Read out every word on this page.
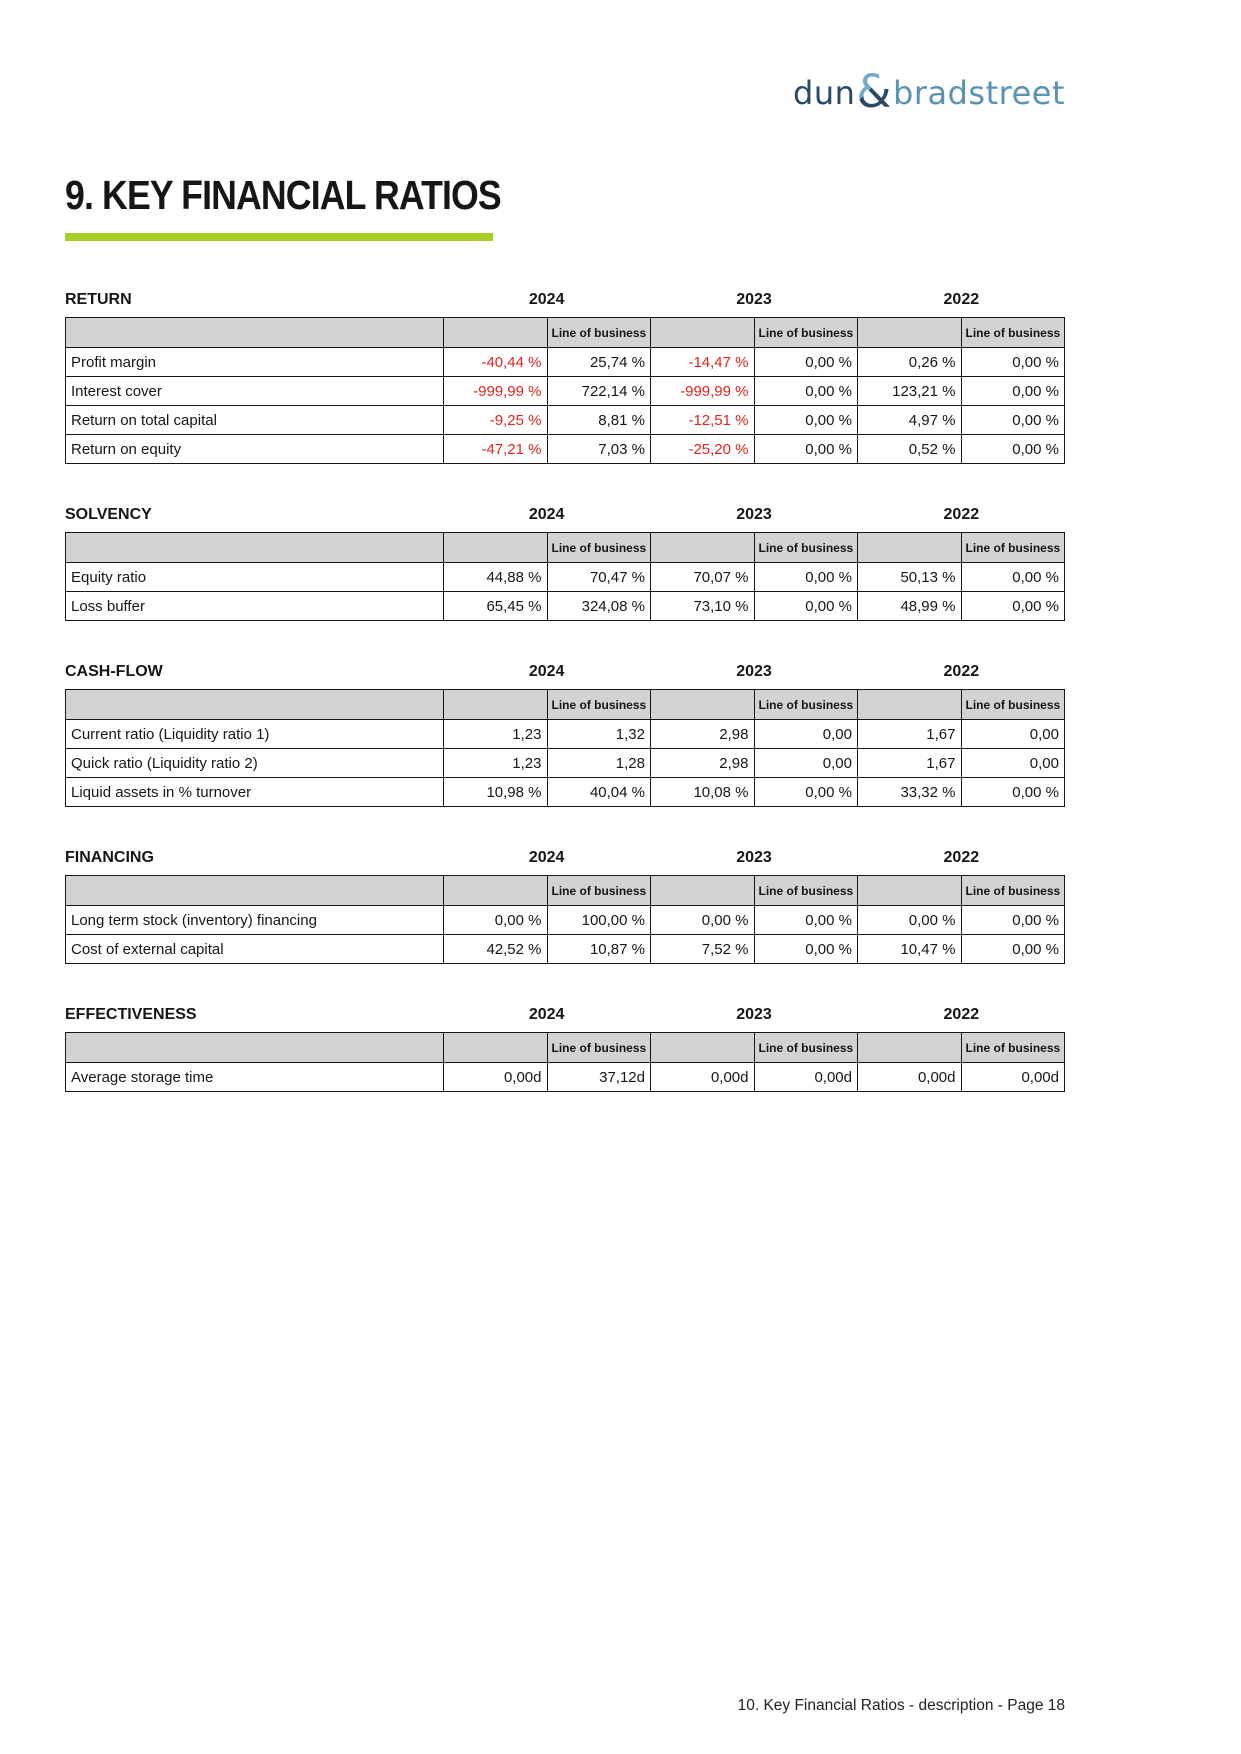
dun & bradstreet
9. KEY FINANCIAL RATIOS
RETURN	2024	2023	2022
		Line of business		Line of business		Line of business
Profit margin	-40,44 %	25,74 %	-14,47 %	0,00 %	0,26 %	0,00 %
Interest cover	-999,99 %	722,14 %	-999,99 %	0,00 %	123,21 %	0,00 %
Return on total capital	-9,25 %	8,81 %	-12,51 %	0,00 %	4,97 %	0,00 %
Return on equity	-47,21 %	7,03 %	-25,20 %	0,00 %	0,52 %	0,00 %
SOLVENCY	2024	2023	2022
		Line of business		Line of business		Line of business
Equity ratio	44,88 %	70,47 %	70,07 %	0,00 %	50,13 %	0,00 %
Loss buffer	65,45 %	324,08 %	73,10 %	0,00 %	48,99 %	0,00 %
CASH-FLOW	2024	2023	2022
		Line of business		Line of business		Line of business
Current ratio (Liquidity ratio 1)	1,23	1,32	2,98	0,00	1,67	0,00
Quick ratio (Liquidity ratio 2)	1,23	1,28	2,98	0,00	1,67	0,00
Liquid assets in % turnover	10,98 %	40,04 %	10,08 %	0,00 %	33,32 %	0,00 %
FINANCING	2024	2023	2022
		Line of business		Line of business		Line of business
Long term stock (inventory) financing	0,00 %	100,00 %	0,00 %	0,00 %	0,00 %	0,00 %
Cost of external capital	42,52 %	10,87 %	7,52 %	0,00 %	10,47 %	0,00 %
EFFECTIVENESS	2024	2023	2022
		Line of business		Line of business		Line of business
Average storage time	0,00d	37,12d	0,00d	0,00d	0,00d	0,00d
10. Key Financial Ratios - description - Page 18
